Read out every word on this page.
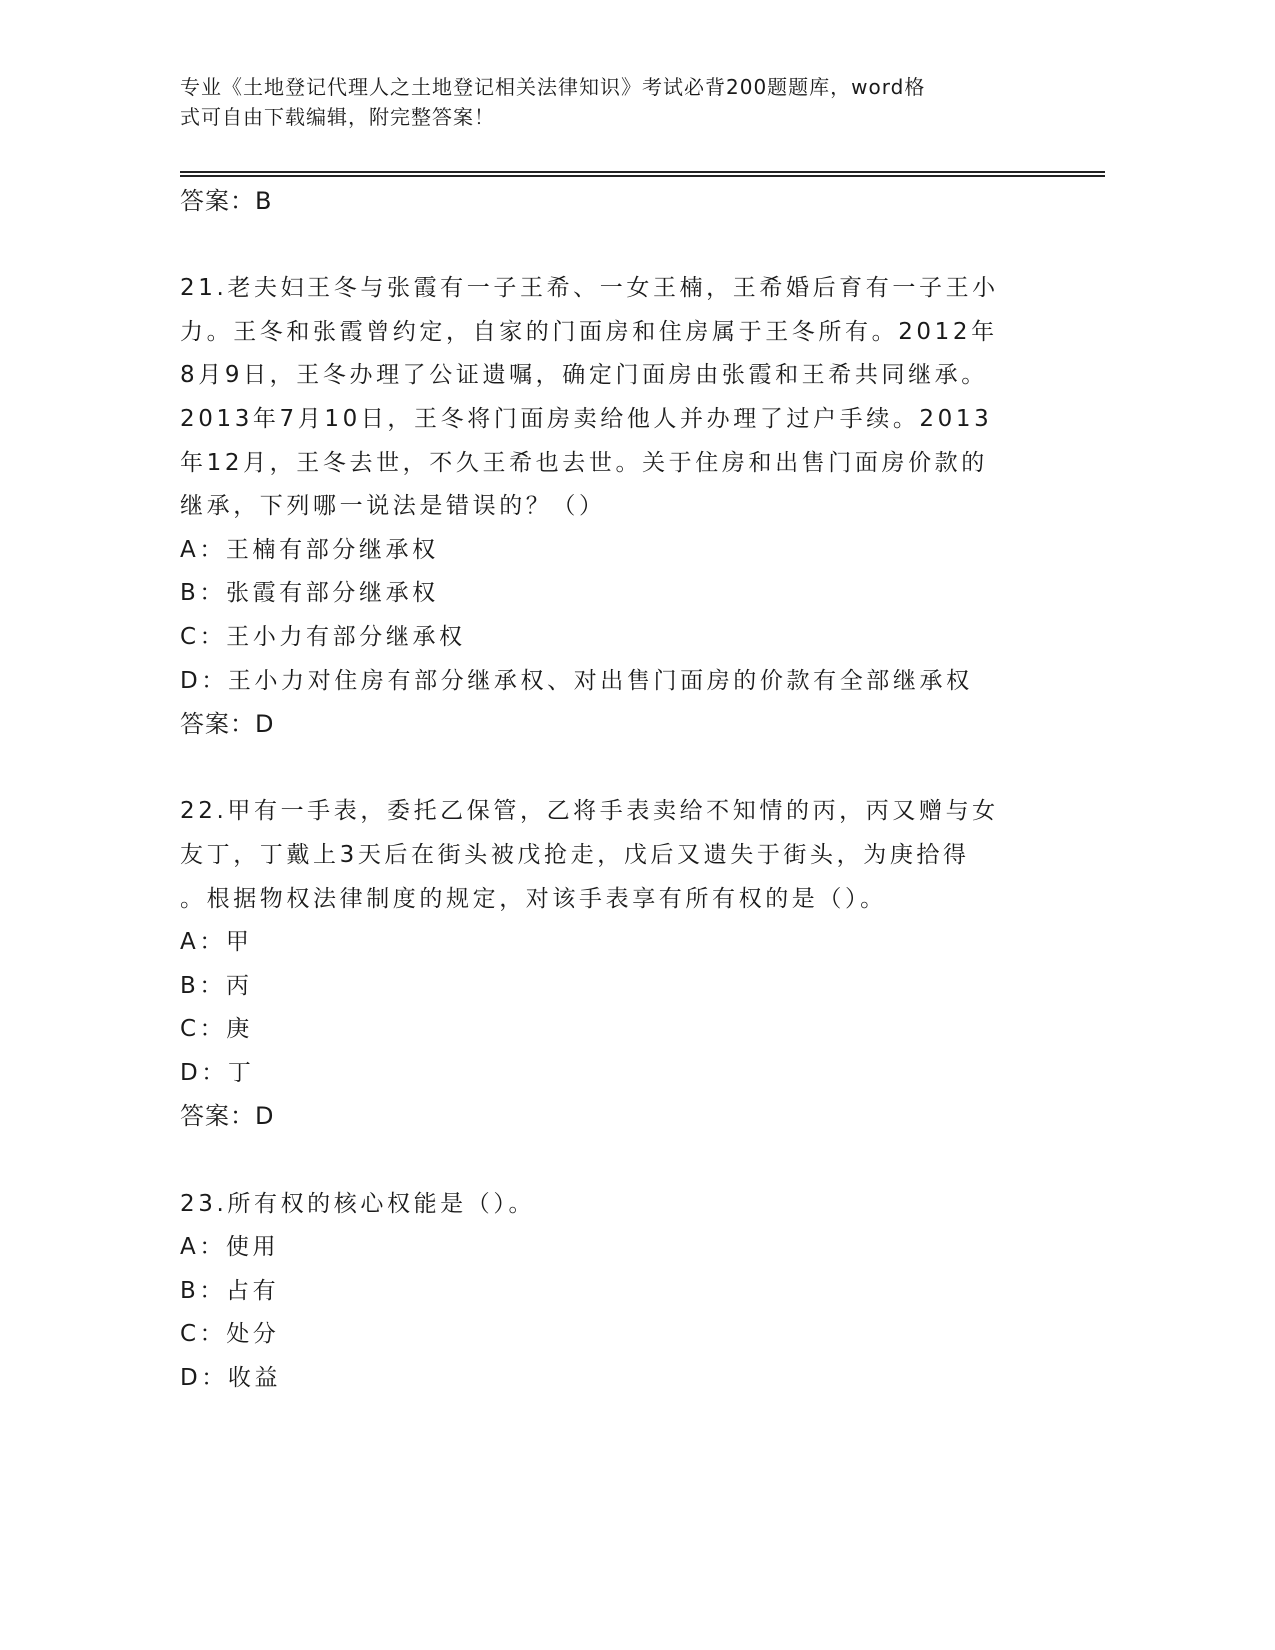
专业《土地登记代理人之土地登记相关法律知识》考试必背200题题库，word格
式可自由下载编辑，附完整答案！
答案：B
21.老夫妇王冬与张霞有一子王希、一女王楠，王希婚后育有一子王小
力。王冬和张霞曾约定，自家的门面房和住房属于王冬所有。2012年
8月9日，王冬办理了公证遗嘱，确定门面房由张霞和王希共同继承。
2013年7月10日，王冬将门面房卖给他人并办理了过户手续。2013
年12月，王冬去世，不久王希也去世。关于住房和出售门面房价款的
继承，下列哪一说法是错误的？（）
A：王楠有部分继承权
B：张霞有部分继承权
C：王小力有部分继承权
D：王小力对住房有部分继承权、对出售门面房的价款有全部继承权
答案：D
22.甲有一手表，委托乙保管，乙将手表卖给不知情的丙，丙又赠与女
友丁，丁戴上3天后在街头被戊抢走，戊后又遗失于街头，为庚拾得
。根据物权法律制度的规定，对该手表享有所有权的是（）。
A：甲
B：丙
C：庚
D：丁
答案：D
23.所有权的核心权能是（）。
A：使用
B：占有
C：处分
D：收益
